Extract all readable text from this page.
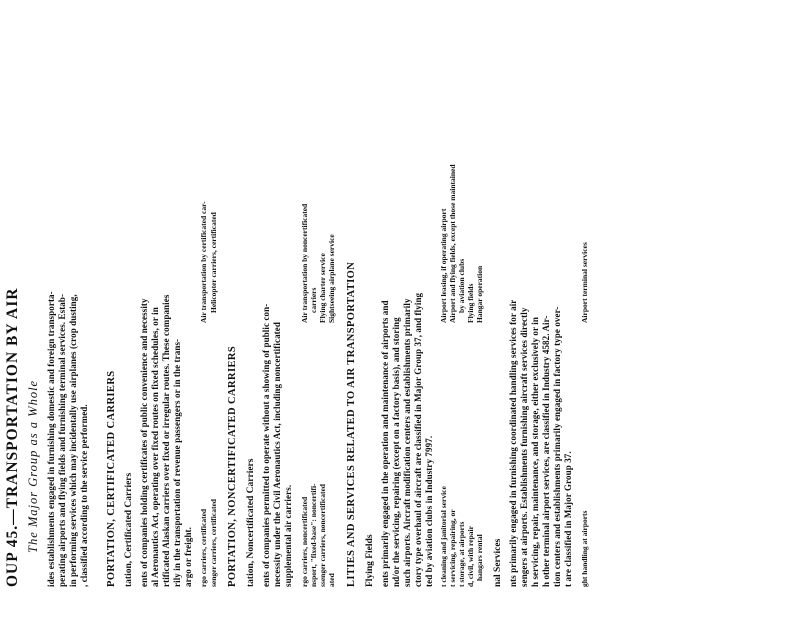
OUP 45.—TRANSPORTATION BY AIR The Major Group as a Whole ides establishments engaged in furnishing domestic and foreign transporta- perating airports and flying fields and furnishing terminal services. Estab- in performing services which may incidentally use airplanes (crop dusting, , classified according to the service performed. PORTATION, CERTIFICATED CARRIERS tation, Certificated Carriers ents of companies holding certificates of public convenience and necessity al Aeronautics Act, operating over fixed routes on fixed schedules, or in rtificated Alaskan carriers over fixed or irregular routes. These companies rily in the transportation of revenue passengers or in the trans- argo or freight. rgo carriers, certificated senger carriers, certificated
Air transportation by certificated car- Helicopter carriers, certificated
PORTATION, NONCERTIFICATED CARRIERS tation, Noncertificated Carriers ents of companies permitted to operate without a showing of public con- necessity under the Civil Aeronautics Act, including noncertificated supplemental air carriers. rgo carriers, noncertificated nsport, "fixed-base": noncertifi- ssenger carriers, noncertificated ated
Air transportation by noncertificated carriers Flying charter service Sightseeing airplane service LITIES AND SERVICES RELATED TO AIR TRANSPORTATION Flying Fields ents primarily engaged in the operation and maintenance of airports and nd/or the servicing, repairing (except on a factory basis), and storing such airports. Aircraft modification centers and establishments primarily ctory type overhaul of aircraft are classified in Major Group 37, and flying ted by aviation clubs in Industry 7997. t cleaning and janitorial service t servicing, repairing, or t storage, at airports d, civil, with repair hangars rental
Airport leasing, if operating airport Airport and flying fields, except those maintained by aviation clubs Flying fields Hangar operation
nal Services nts primarily engaged in furnishing coordinated handling services for air sengers at airports. Establishments furnishing aircraft services directly h servicing, repair, maintenance, and storage, either exclusively or in h other terminal airport services, are classified in Industry 4582. Air- tion centers and establishments primarily engaged in factory type over- t are classified in Major Group 37. ght handling at airports
Airport terminal services
